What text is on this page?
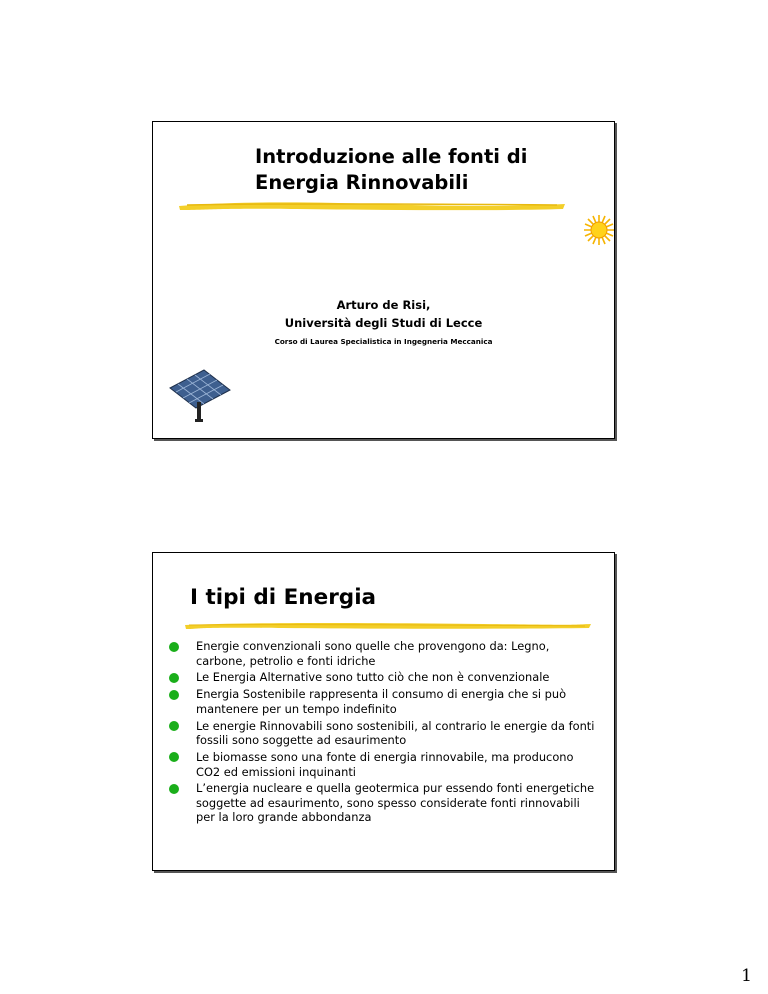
Introduzione alle fonti di
Energia Rinnovabili
Arturo de Risi,
Università degli Studi di Lecce
Corso di Laurea Specialistica in Ingegneria Meccanica
I tipi di Energia
Energie convenzionali sono quelle che provengono da: Legno, carbone, petrolio e fonti idriche
Le Energia Alternative sono tutto ciò che non è convenzionale
Energia Sostenibile rappresenta il consumo di energia che si può mantenere per un tempo indefinito
Le energie Rinnovabili sono sostenibili, al contrario le energie da fonti fossili sono soggette ad esaurimento
Le biomasse sono una fonte di energia rinnovabile, ma producono CO2 ed emissioni inquinanti
L’energia nucleare e quella geotermica pur essendo fonti energetiche soggette ad esaurimento, sono spesso considerate fonti rinnovabili per la loro grande abbondanza
1
